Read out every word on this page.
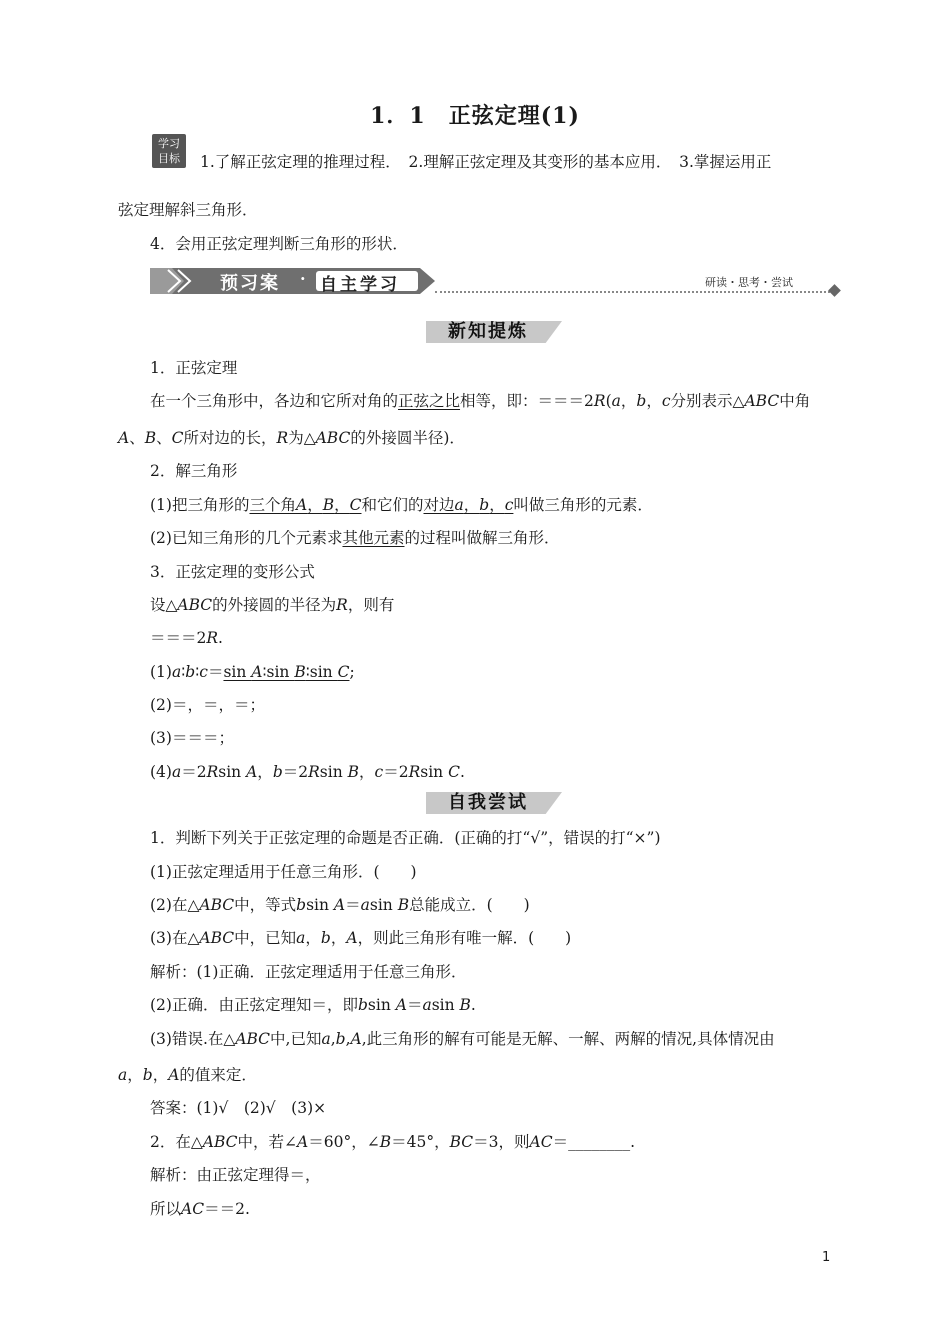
1．1　正弦定理(1)
学习
目标	1.了解正弦定理的推理过程．　2.理解正弦定理及其变形的基本应用．　3.掌握运用正
弦定理解斜三角形．
4．会用正弦定理判断三角形的形状．
预习案 · 自主学习	研读・思考・尝试
新知提炼
1．正弦定理
在一个三角形中，各边和它所对角的正弦之比相等，即：＝＝＝2R(a，b，c分别表示△ABC中角
A、B、C所对边的长，R为△ABC的外接圆半径)．
2．解三角形
(1)把三角形的三个角A，B，C和它们的对边a，b，c叫做三角形的元素．
(2)已知三角形的几个元素求其他元素的过程叫做解三角形．
3．正弦定理的变形公式
设△ABC的外接圆的半径为R，则有
＝＝＝2R.
(1)a∶b∶c＝sin A∶sin B∶sin C;
(2)＝，＝，＝；
(3)＝＝＝；
(4)a＝2Rsin A，b＝2Rsin B，c＝2Rsin C.
自我尝试
1．判断下列关于正弦定理的命题是否正确．(正确的打“√”，错误的打“×”)
(1)正弦定理适用于任意三角形．(　　)
(2)在△ABC中，等式bsin A＝asin B总能成立．(　　)
(3)在△ABC中，已知a，b，A，则此三角形有唯一解．(　　)
解析：(1)正确．正弦定理适用于任意三角形．
(2)正确．由正弦定理知＝，即bsin A＝asin B.
(3)错误.在△ABC中,已知a,b,A,此三角形的解有可能是无解、一解、两解的情况,具体情况由
a，b，A的值来定．
答案：(1)√　(2)√　(3)×
2．在△ABC中，若∠A＝60°，∠B＝45°，BC＝3，则AC＝________.
解析：由正弦定理得＝，
所以AC＝＝2.
1
